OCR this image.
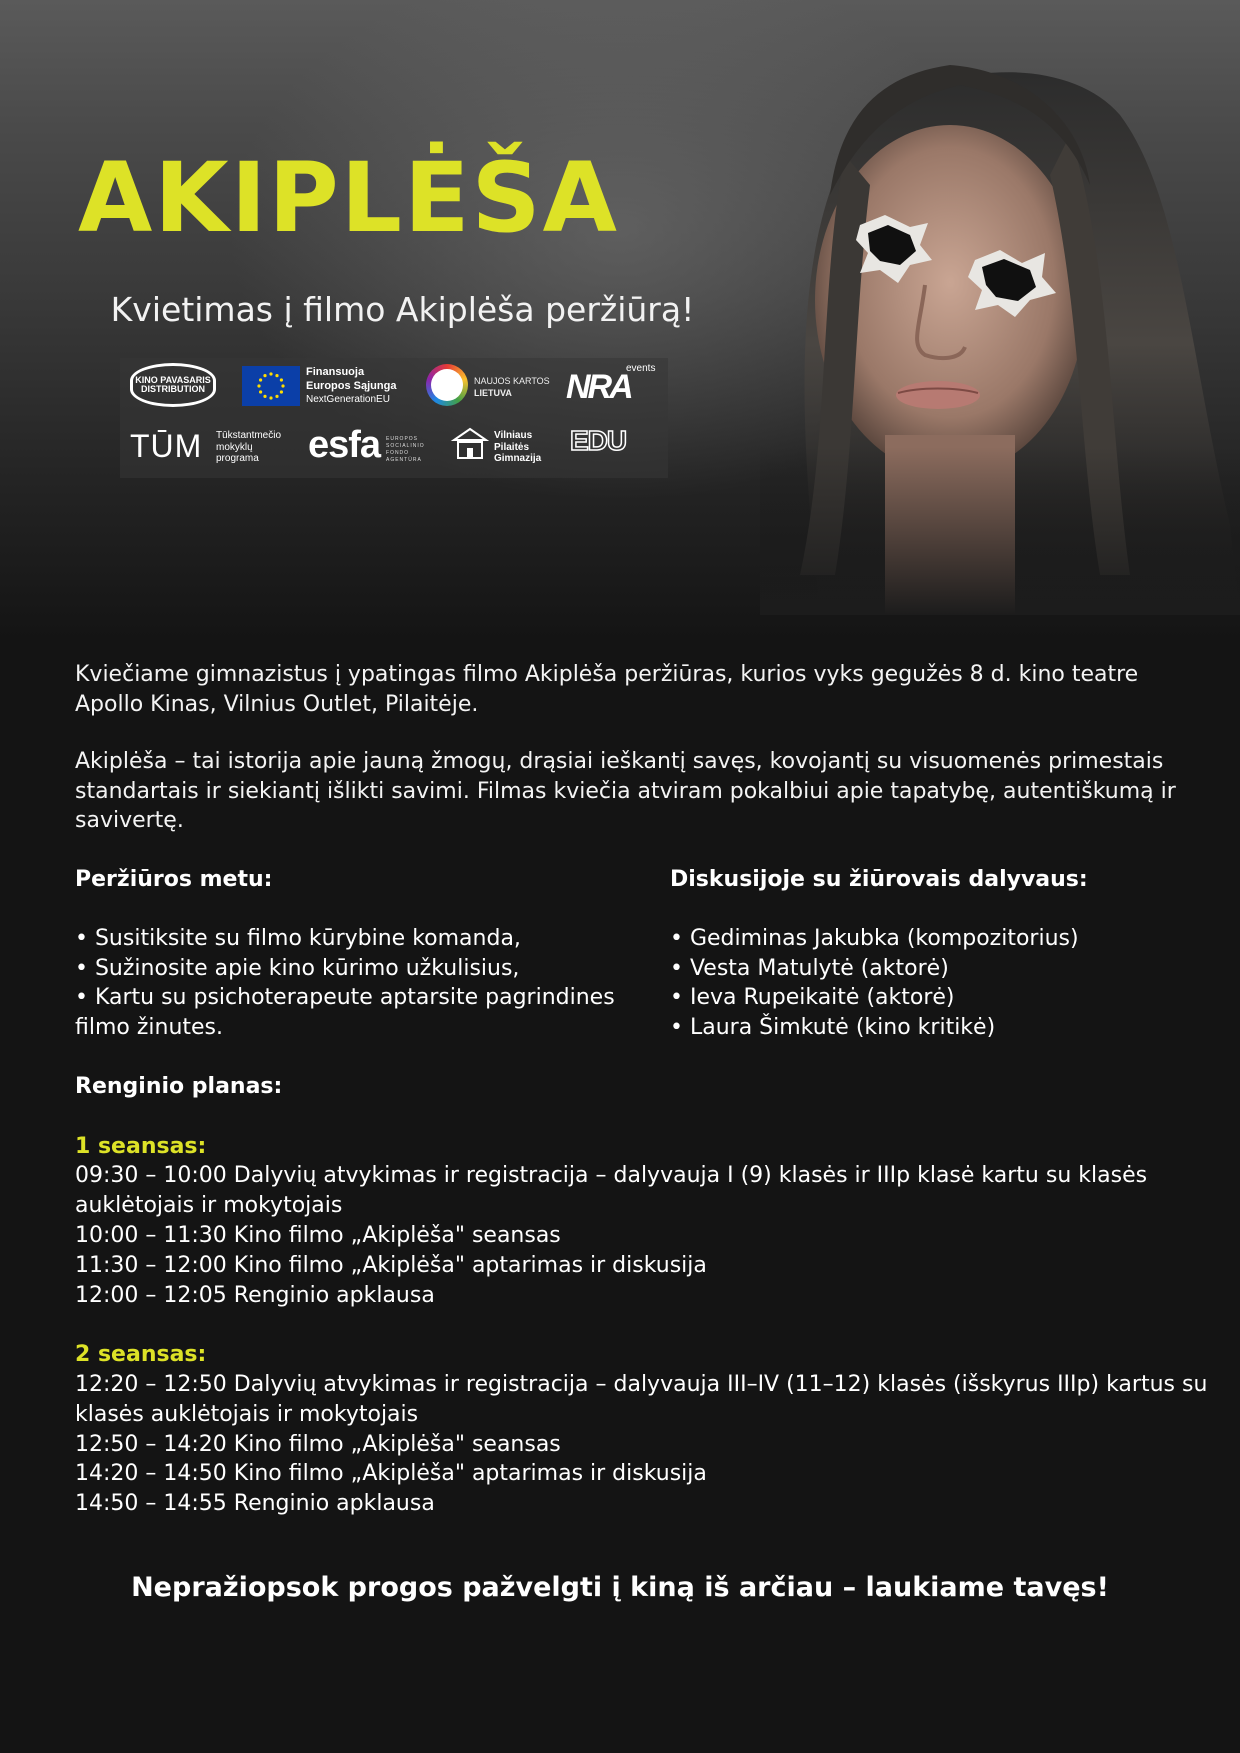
AKIPLĖŠA
Kvietimas į filmo Akiplėša peržiūrą!
KINO PAVASARIS DISTRIBUTION
Finansuoja
Europos Sąjunga
NextGenerationEU
NAUJOS KARTOS
LIETUVA	NRA
events
TŪM Tūkstantmečio
mokyklų
programa	esfa EUROPOS
SOCIALINIO
FONDO
AGENTŪRA
Vilniaus
Pilaitės
Gimnazija
EDU

Kviečiame gimnazistus į ypatingas filmo Akiplėša peržiūras, kurios vyks gegužės 8 d. kino teatre Apollo Kinas, Vilnius Outlet, Pilaitėje.

Akiplėša – tai istorija apie jauną žmogų, drąsiai ieškantį savęs, kovojantį su visuomenės primestais standartais ir siekiantį išlikti savimi. Filmas kviečia atviram pokalbiui apie tapatybę, autentiškumą ir savivertę.

Peržiūros metu:

• Susitiksite su filmo kūrybine komanda,
• Sužinosite apie kino kūrimo užkulisius,
• Kartu su psichoterapeute aptarsite pagrindines filmo žinutes.

Diskusijoje su žiūrovais dalyvaus:

• Gediminas Jakubka (kompozitorius)
• Vesta Matulytė (aktorė)
• Ieva Rupeikaitė (aktorė)
• Laura Šimkutė (kino kritikė)

Renginio planas:

1 seansas:

09:30 – 10:00 Dalyvių atvykimas ir registracija – dalyvauja I (9) klasės ir IIIp klasė kartu su klasės auklėtojais ir mokytojais

10:00 – 11:30 Kino filmo „Akiplėša" seansas

11:30 – 12:00 Kino filmo „Akiplėša" aptarimas ir diskusija

12:00 – 12:05 Renginio apklausa

2 seansas:

12:20 – 12:50 Dalyvių atvykimas ir registracija – dalyvauja III–IV (11–12) klasės (išskyrus IIIp) kartus su klasės auklėtojais ir mokytojais

12:50 – 14:20 Kino filmo „Akiplėša" seansas

14:20 – 14:50 Kino filmo „Akiplėša" aptarimas ir diskusija

14:50 – 14:55 Renginio apklausa

Nepražiopsok progos pažvelgti į kiną iš arčiau – laukiame tavęs!
